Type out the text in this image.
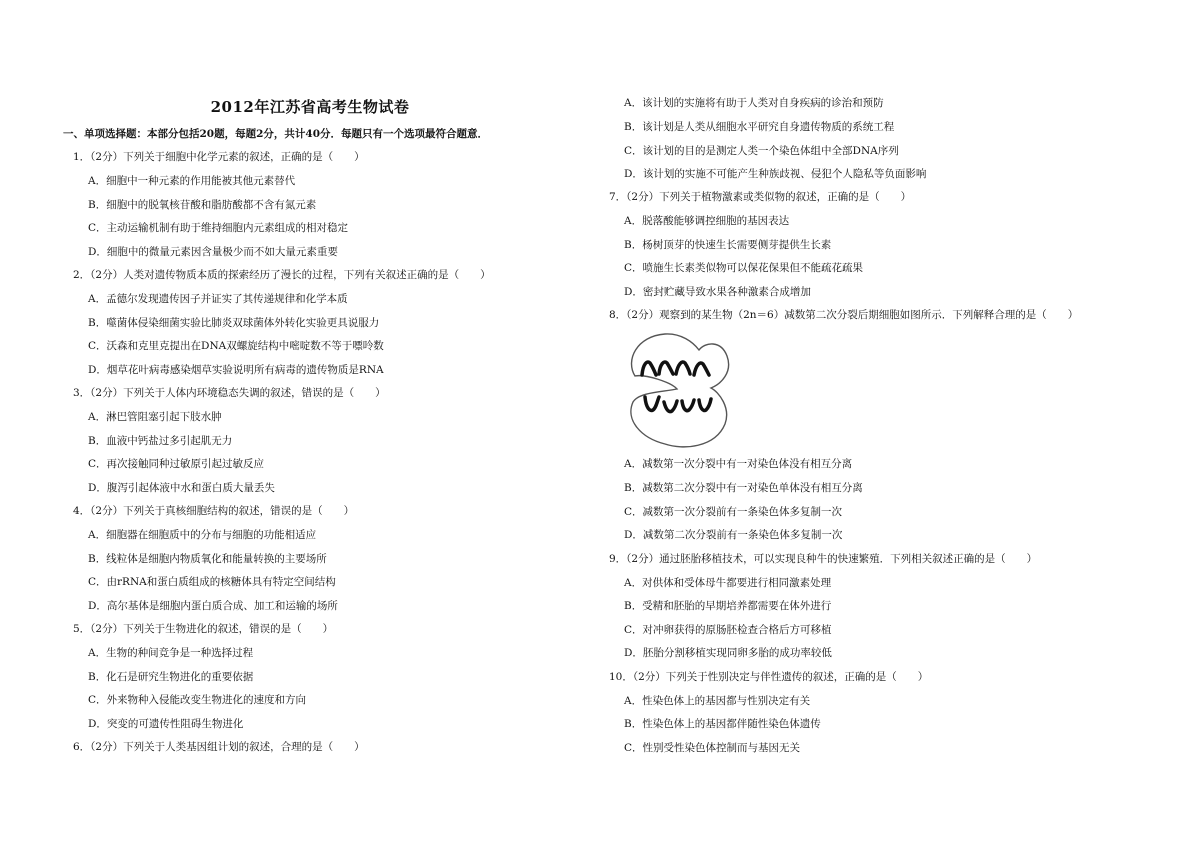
2012年江苏省高考生物试卷
一、单项选择题：本部分包括20题，每题2分，共计40分．每题只有一个选项最符合题意．
1．（2分）下列关于细胞中化学元素的叙述，正确的是（　　）
A．细胞中一种元素的作用能被其他元素替代
B．细胞中的脱氧核苷酸和脂肪酸都不含有氮元素
C．主动运输机制有助于维持细胞内元素组成的相对稳定
D．细胞中的微量元素因含量极少而不如大量元素重要
2．（2分）人类对遗传物质本质的探索经历了漫长的过程，下列有关叙述正确的是（　　）
A．孟德尔发现遗传因子并证实了其传递规律和化学本质
B．噬菌体侵染细菌实验比肺炎双球菌体外转化实验更具说服力
C．沃森和克里克提出在DNA双螺旋结构中嘧啶数不等于嘌呤数
D．烟草花叶病毒感染烟草实验说明所有病毒的遗传物质是RNA
3．（2分）下列关于人体内环境稳态失调的叙述，错误的是（　　）
A．淋巴管阻塞引起下肢水肿
B．血液中钙盐过多引起肌无力
C．再次接触同种过敏原引起过敏反应
D．腹泻引起体液中水和蛋白质大量丢失
4．（2分）下列关于真核细胞结构的叙述，错误的是（　　）
A．细胞器在细胞质中的分布与细胞的功能相适应
B．线粒体是细胞内物质氧化和能量转换的主要场所
C．由rRNA和蛋白质组成的核糖体具有特定空间结构
D．高尔基体是细胞内蛋白质合成、加工和运输的场所
5．（2分）下列关于生物进化的叙述，错误的是（　　）
A．生物的种间竞争是一种选择过程
B．化石是研究生物进化的重要依据
C．外来物种入侵能改变生物进化的速度和方向
D．突变的可遗传性阻碍生物进化
6．（2分）下列关于人类基因组计划的叙述，合理的是（　　）
A．该计划的实施将有助于人类对自身疾病的诊治和预防
B．该计划是人类从细胞水平研究自身遗传物质的系统工程
C．该计划的目的是测定人类一个染色体组中全部DNA序列
D．该计划的实施不可能产生种族歧视、侵犯个人隐私等负面影响
7．（2分）下列关于植物激素或类似物的叙述，正确的是（　　）
A．脱落酸能够调控细胞的基因表达
B．杨树顶芽的快速生长需要侧芽提供生长素
C．喷施生长素类似物可以保花保果但不能疏花疏果
D．密封贮藏导致水果各种激素合成增加
8．（2分）观察到的某生物（2n＝6）减数第二次分裂后期细胞如图所示．下列解释合理的是（　　）
A．减数第一次分裂中有一对染色体没有相互分离
B．减数第二次分裂中有一对染色单体没有相互分离
C．减数第一次分裂前有一条染色体多复制一次
D．减数第二次分裂前有一条染色体多复制一次
9．（2分）通过胚胎移植技术，可以实现良种牛的快速繁殖．下列相关叙述正确的是（　　）
A．对供体和受体母牛都要进行相同激素处理
B．受精和胚胎的早期培养都需要在体外进行
C．对冲卵获得的原肠胚检查合格后方可移植
D．胚胎分割移植实现同卵多胎的成功率较低
10．（2分）下列关于性别决定与伴性遗传的叙述，正确的是（　　）
A．性染色体上的基因都与性别决定有关
B．性染色体上的基因都伴随性染色体遗传
C．性别受性染色体控制而与基因无关
